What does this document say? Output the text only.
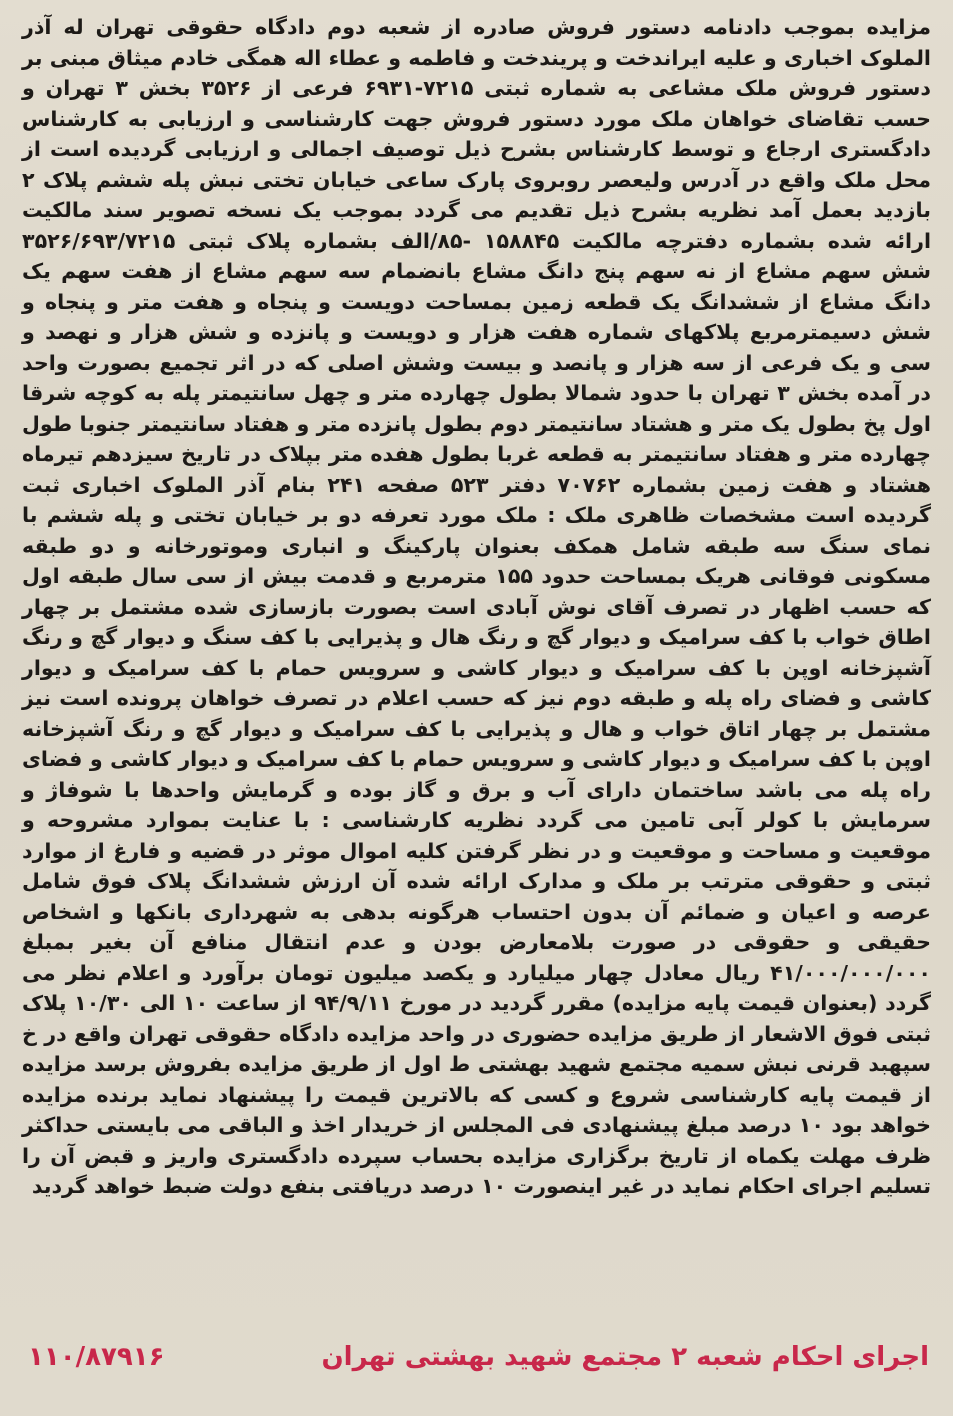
مزایده بموجب دادنامه دستور فروش صادره از شعبه دوم دادگاه حقوقی تهران له آذر الملوک اخباری و علیه ایراندخت و پریندخت و فاطمه و عطاء اله همگی خادم میثاق مبنی بر دستور فروش ملک مشاعی به شماره ثبتی ۷۲۱۵-۶۹۳۱ فرعی از ۳۵۲۶ بخش ۳ تهران و حسب تقاضای خواهان ملک مورد دستور فروش جهت کارشناسی و ارزیابی به کارشناس دادگستری ارجاع و توسط کارشناس بشرح ذیل توصیف اجمالی و ارزیابی گردیده است از محل ملک واقع در آدرس ولیعصر روبروی پارک ساعی خیابان تختی نبش پله ششم پلاک ۲ بازدید بعمل آمد نظریه بشرح ذیل تقدیم می گردد بموجب یک نسخه تصویر سند مالکیت ارائه شده بشماره دفترچه مالکیت ۱۵۸۸۴۵ -۸۵/الف بشماره پلاک ثبتی ۳۵۲۶/۶۹۳/۷۲۱۵ شش سهم مشاع از نه سهم پنج دانگ مشاع بانضمام سه سهم مشاع از هفت سهم یک دانگ مشاع از ششدانگ یک قطعه زمین بمساحت دویست و پنجاه و هفت متر و پنجاه و شش دسیمترمربع پلاکهای شماره هفت هزار و دویست و پانزده و شش هزار و نهصد و سی و یک فرعی از سه هزار و پانصد و بیست وشش اصلی که در اثر تجمیع بصورت واحد در آمده بخش ۳ تهران با حدود شمالا بطول چهارده متر و چهل سانتیمتر پله به کوچه شرقا اول پخ بطول یک متر و هشتاد سانتیمتر دوم بطول پانزده متر و هفتاد سانتیمتر جنوبا طول چهارده متر و هفتاد سانتیمتر به قطعه غربا بطول هفده متر بپلاک در تاریخ سیزدهم تیرماه هشتاد و هفت زمین بشماره ۷۰۷۶۲ دفتر ۵۲۳ صفحه ۲۴۱ بنام آذر الملوک اخباری ثبت گردیده است مشخصات ظاهری ملک : ملک مورد تعرفه دو بر خیابان تختی و پله ششم با نمای سنگ سه طبقه شامل همکف بعنوان پارکینگ و انباری وموتورخانه و دو طبقه مسکونی فوقانی هریک بمساحت حدود ۱۵۵ مترمربع و قدمت بیش از سی سال طبقه اول که حسب اظهار در تصرف آقای نوش آبادی است بصورت بازسازی شده مشتمل بر چهار اطاق خواب با کف سرامیک و دیوار گچ و رنگ هال و پذیرایی با کف سنگ و دیوار گچ و رنگ آشپزخانه اوپن با کف سرامیک و دیوار کاشی و سرویس حمام با کف سرامیک و دیوار کاشی و فضای راه پله و طبقه دوم نیز که حسب اعلام در تصرف خواهان پرونده است نیز مشتمل بر چهار اتاق خواب و هال و پذیرایی با کف سرامیک و دیوار گچ و رنگ آشپزخانه اوپن با کف سرامیک و دیوار کاشی و سرویس حمام با کف سرامیک و دیوار کاشی و فضای راه پله می باشد ساختمان دارای آب و برق و گاز بوده و گرمایش واحدها با شوفاژ و سرمایش با کولر آبی تامین می گردد نظریه کارشناسی : با عنایت بموارد مشروحه و موقعیت و مساحت و موقعیت و در نظر گرفتن کلیه اموال موثر در قضیه و فارغ از موارد ثبتی و حقوقی مترتب بر ملک و مدارک ارائه شده آن ارزش ششدانگ پلاک فوق شامل عرصه و اعیان و ضمائم آن بدون احتساب هرگونه بدهی به شهرداری بانکها و اشخاص حقیقی و حقوقی در صورت بلامعارض بودن و عدم انتقال منافع آن بغیر بمبلغ ۴۱/۰۰۰/۰۰۰/۰۰۰ ریال معادل چهار میلیارد و یکصد میلیون تومان برآورد و اعلام نظر می گردد (بعنوان قیمت پایه مزایده) مقرر گردید در مورخ ۹۴/۹/۱۱ از ساعت ۱۰ الی ۱۰/۳۰ پلاک ثبتی فوق الاشعار از طریق مزایده حضوری در واحد مزایده دادگاه حقوقی تهران واقع در خ سپهبد قرنی نبش سمیه مجتمع شهید بهشتی ط اول از طریق مزایده بفروش برسد مزایده از قیمت پایه کارشناسی شروع و کسی که بالاترین قیمت را پیشنهاد نماید برنده مزایده خواهد بود ۱۰ درصد مبلغ پیشنهادی فی المجلس از خریدار اخذ و الباقی می بایستی حداکثر ظرف مهلت یکماه از تاریخ برگزاری مزایده بحساب سپرده دادگستری واریز و قبض آن را تسلیم اجرای احکام نماید در غیر اینصورت ۱۰ درصد دریافتی بنفع دولت ضبط خواهد گردید
۱۱۰/۸۷۹۱۶	اجرای احکام شعبه ۲ مجتمع شهید بهشتی تهران
